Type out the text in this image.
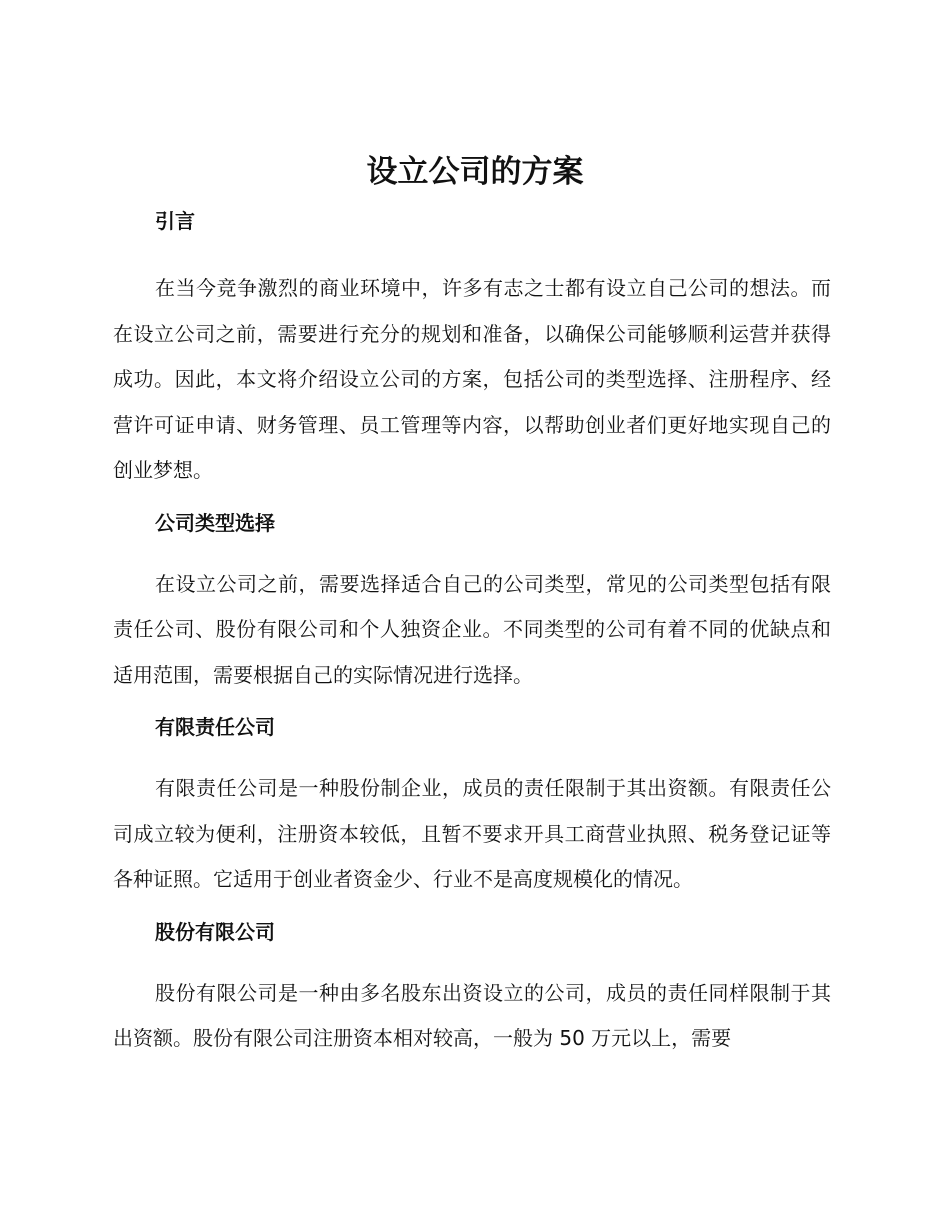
设立公司的方案
引言

在当今竞争激烈的商业环境中，许多有志之士都有设立自己公司的想法。而在设立公司之前，需要进行充分的规划和准备，以确保公司能够顺利运营并获得成功。因此，本文将介绍设立公司的方案，包括公司的类型选择、注册程序、经营许可证申请、财务管理、员工管理等内容，以帮助创业者们更好地实现自己的创业梦想。

公司类型选择

在设立公司之前，需要选择适合自己的公司类型，常见的公司类型包括有限责任公司、股份有限公司和个人独资企业。不同类型的公司有着不同的优缺点和适用范围，需要根据自己的实际情况进行选择。

有限责任公司

有限责任公司是一种股份制企业，成员的责任限制于其出资额。有限责任公司成立较为便利，注册资本较低，且暂不要求开具工商营业执照、税务登记证等各种证照。它适用于创业者资金少、行业不是高度规模化的情况。

股份有限公司

股份有限公司是一种由多名股东出资设立的公司，成员的责任同样限制于其出资额。股份有限公司注册资本相对较高，一般为 50 万元以上，需要
